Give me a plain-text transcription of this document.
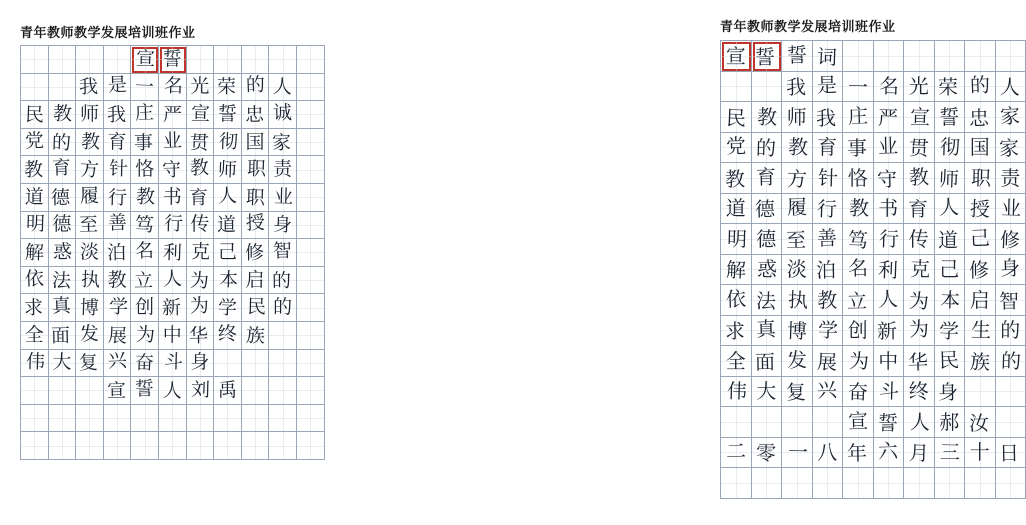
青年教师教学发展培训班作业
宣 誓
我 是 一 名 光 荣 的 人
民 教 师 我 庄 严 宣 誓 忠 诚
党 的 教 育 事 业 贯 彻 国 家
教 育 方 针 恪 守 教 师 职 责
道 德 履 行 教 书 育 人 职 业
明 德 至 善 笃 行 传 道 授 身
解 惑 淡 泊 名 利 克 己 修 智
依 法 执 教 立 人 为 本 启 的
求 真 博 学 创 新 为 学 民 的
全 面 发 展 为 中 华 终 族
伟 大 复 兴 奋 斗 身
宣 誓 人 刘 禹
青年教师教学发展培训班作业
宣 誓 誓 词
我 是 一 名 光 荣 的 人
民 教 师 我 庄 严 宣 誓 忠 家
党 的 教 育 事 业 贯 彻 国 家
教 育 方 针 恪 守 教 师 职 责
道 德 履 行 教 书 育 人 授 业
明 德 至 善 笃 行 传 道 己 修
解 惑 淡 泊 名 利 克 己 修 身
依 法 执 教 立 人 为 本 启 智
求 真 博 学 创 新 为 学 生 的
全 面 发 展 为 中 华 民 族 的
伟 大 复 兴 奋 斗 终 身
宣 誓 人 郝 汝
二 零 一 八 年 六 月 三 十 日
